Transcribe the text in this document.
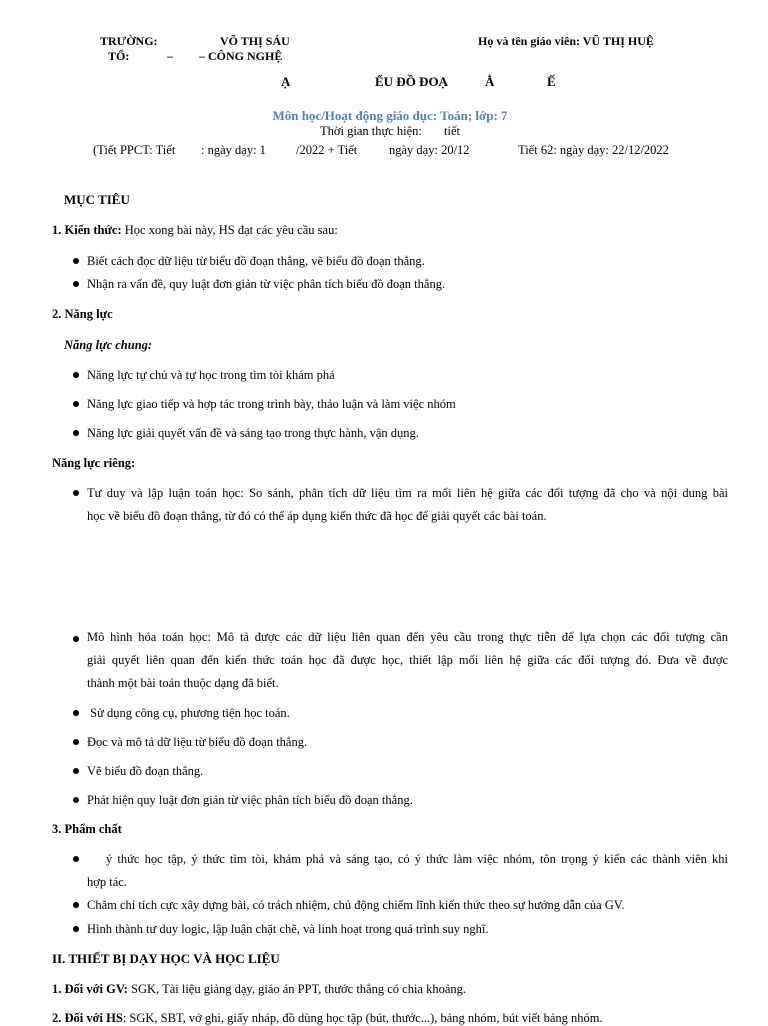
TRƯỜNG:	VÕ THỊ SÁU
TỔ:	– – CÔNG NGHỆ
Họ và tên giáo viên: VŨ THỊ HUỆ
Ạ	ẾU ĐỒ ĐOẠ	Ẳ	Ế
Môn học/Hoạt động giáo dục: Toán; lớp: 7
Thời gian thực hiện: tiết
(Tiết PPCT: Tiết : ngày dạy: 1 /2022 + Tiết	ngày dạy: 20/12	Tiết 62: ngày dạy: 22/12/2022
MỤC TIÊU
1. Kiến thức: Học xong bài này, HS đạt các yêu cầu sau:
Biết cách đọc dữ liệu từ biểu đồ đoạn thẳng, vẽ biểu đồ đoạn thẳng.
Nhận ra vấn đề, quy luật đơn giản từ việc phân tích biểu đồ đoạn thẳng.
2. Năng lực
Năng lực chung:
Năng lực tự chủ và tự học trong tìm tòi khám phá
Năng lực giao tiếp và hợp tác trong trình bày, thảo luận và làm việc nhóm
Năng lực giải quyết vấn đề và sáng tạo trong thực hành, vận dụng.
Năng lực riêng:
Tư duy và lập luận toán học: So sánh, phân tích dữ liệu tìm ra mối liên hệ giữa các đối tượng đã cho và nội dung bài
học về biểu đồ đoạn thẳng, từ đó có thể áp dụng kiến thức đã học để giải quyết các bài toán.
Mô hình hóa toán học: Mô tả được các dữ liệu liên quan đến yêu cầu trong thực tiễn để lựa chọn các đối tượng cần
giải quyết liên quan đến kiến thức toán học đã được học, thiết lập mối liên hệ giữa các đối tượng đó. Đưa về được
thành một bài toán thuộc dạng đã biết.
Sử dụng công cụ, phương tiện học toán.
Đọc và mô tả dữ liệu từ biểu đồ đoạn thẳng.
Vẽ biểu đồ đoạn thẳng.
Phát hiện quy luật đơn giản từ việc phân tích biểu đồ đoạn thẳng.
3. Phẩm chất
ý thức học tập, ý thức tìm tòi, khám phá và sáng tạo, có ý thức làm việc nhóm, tôn trọng ý kiến các thành viên khi
hợp tác.
Chăm chỉ tích cực xây dựng bài, có trách nhiệm, chủ động chiếm lĩnh kiến thức theo sự hướng dẫn của GV.
Hình thành tư duy logic, lập luận chặt chẽ, và linh hoạt trong quá trình suy nghĩ.
II. THIẾT BỊ DẠY HỌC VÀ HỌC LIỆU
1. Đối với GV: SGK, Tài liệu giảng dạy, giáo án PPT, thước thẳng có chia khoảng.
2. Đối với HS: SGK, SBT, vở ghi, giấy nháp, đồ dùng học tập (bút, thước...), bảng nhóm, bút viết bảng nhóm.
